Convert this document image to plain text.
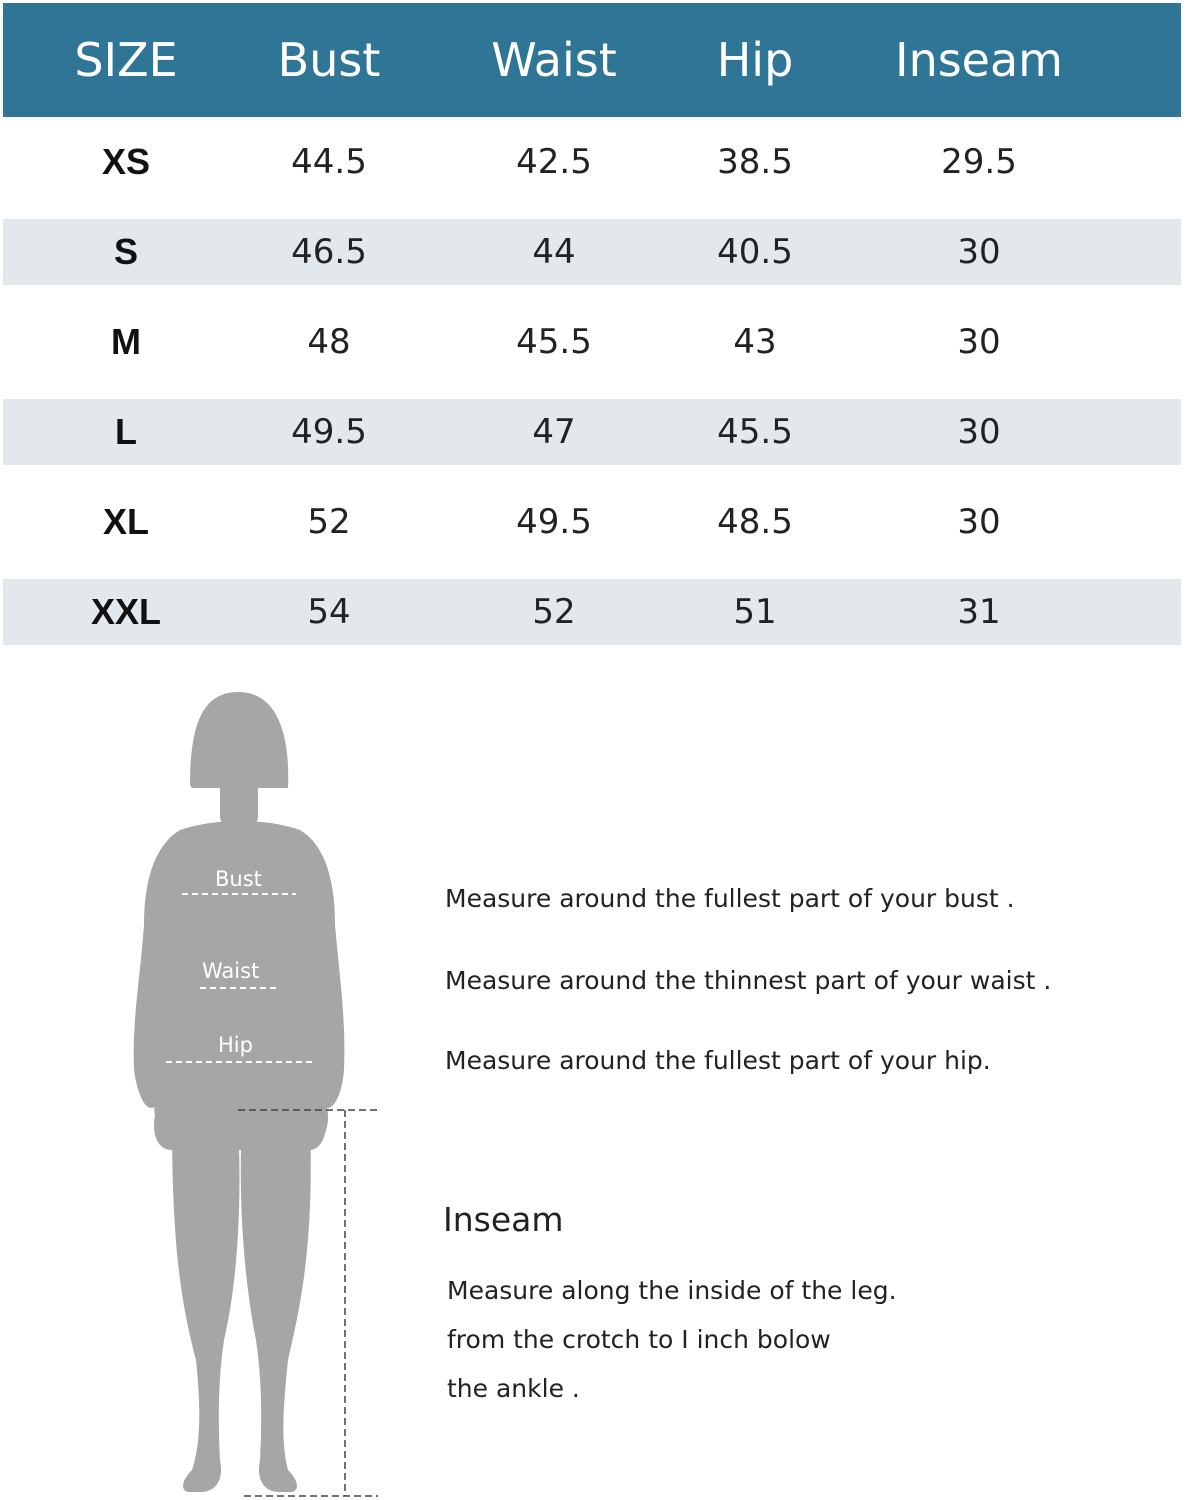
SIZE	Bust	Waist	Hip	Inseam
XS	44.5	42.5	38.5	29.5
S	46.5	44	40.5	30
M	48	45.5	43	30
L	49.5	47	45.5	30
XL	52	49.5	48.5	30
XXL	54	52	51	31
Bust
Waist
Hip
Measure around the fullest part of your bust .
Measure around the thinnest part of your waist .
Measure around the fullest part of your hip.
Inseam
Measure along the inside of the leg.
from the crotch to I inch bolow
the ankle .
